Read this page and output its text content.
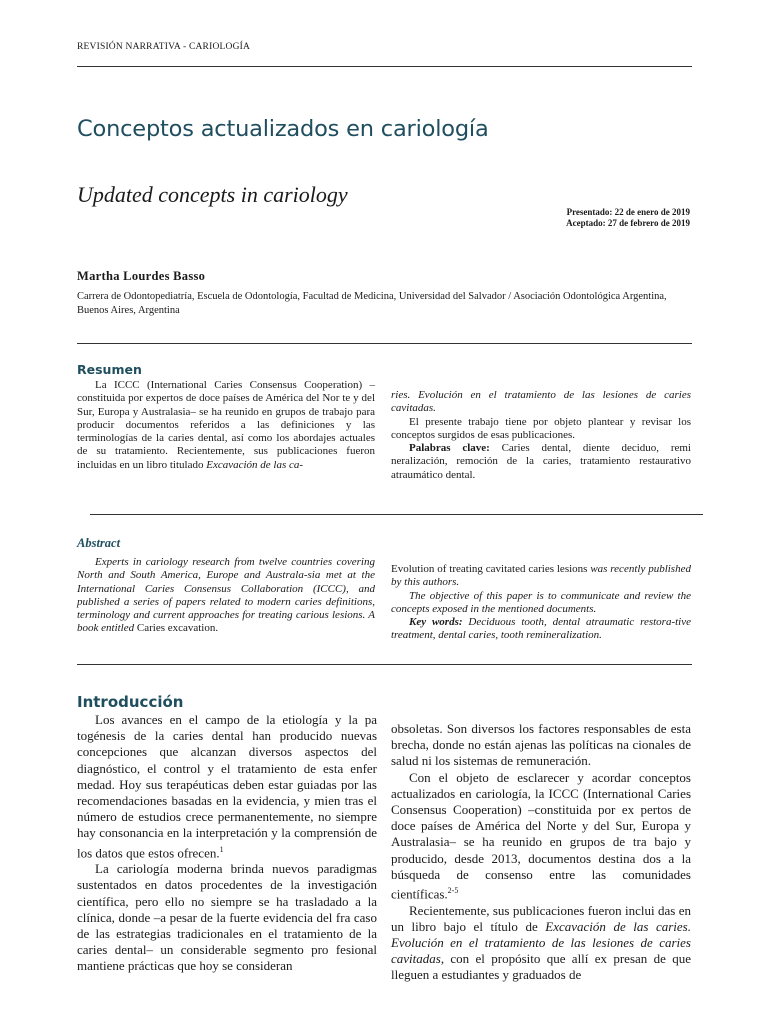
REVISIÓN NARRATIVA - CARIOLOGÍA
Conceptos actualizados en cariología
Updated concepts in cariology
Presentado: 22 de enero de 2019
Aceptado: 27 de febrero de 2019
Martha Lourdes Basso
Carrera de Odontopediatría, Escuela de Odontología, Facultad de Medicina, Universidad del Salvador / Asociación Odontológica Argentina, Buenos Aires, Argentina
Resumen

La ICCC (International Caries Consensus Cooperation) –constituida por expertos de doce países de América del Nor te y del Sur, Europa y Australasia– se ha reunido en grupos de trabajo para producir documentos referidos a las definiciones y las terminologías de la caries dental, así como los abordajes actuales de su tratamiento. Recientemente, sus publicaciones fueron incluidas en un libro titulado Excavación de las ca-

ries. Evolución en el tratamiento de las lesiones de caries cavitadas.

El presente trabajo tiene por objeto plantear y revisar los conceptos surgidos de esas publicaciones.

Palabras clave: Caries dental, diente deciduo, remi neralización, remoción de la caries, tratamiento restaurativo atraumático dental.

Abstract

Experts in cariology research from twelve countries covering North and South America, Europe and Australa-sia met at the International Caries Consensus Collaboration (ICCC), and published a series of papers related to modern caries definitions, terminology and current approaches for treating carious lesions. A book entitled Caries excavation.

Evolution of treating cavitated caries lesions was recently published by this authors.

The objective of this paper is to communicate and review the concepts exposed in the mentioned documents.

Key words: Deciduous tooth, dental atraumatic restora-tive treatment, dental caries, tooth remineralization.

Introducción

Los avances en el campo de la etiología y la pa togénesis de la caries dental han producido nuevas concepciones que alcanzan diversos aspectos del diagnóstico, el control y el tratamiento de esta enfer medad. Hoy sus terapéuticas deben estar guiadas por las recomendaciones basadas en la evidencia, y mien tras el número de estudios crece permanentemente, no siempre hay consonancia en la interpretación y la comprensión de los datos que estos ofrecen.$^1$

La cariología moderna brinda nuevos paradigmas sustentados en datos procedentes de la investigación científica, pero ello no siempre se ha trasladado a la clínica, donde –a pesar de la fuerte evidencia del fra caso de las estrategias tradicionales en el tratamiento de la caries dental– un considerable segmento pro fesional mantiene prácticas que hoy se consideran

obsoletas. Son diversos los factores responsables de esta brecha, donde no están ajenas las políticas na cionales de salud ni los sistemas de remuneración.

Con el objeto de esclarecer y acordar conceptos actualizados en cariología, la ICCC (International Caries Consensus Cooperation) –constituida por ex pertos de doce países de América del Norte y del Sur, Europa y Australasia– se ha reunido en grupos de tra bajo y producido, desde 2013, documentos destina dos a la búsqueda de consenso entre las comunidades científicas.$^{2-5}$

Recientemente, sus publicaciones fueron inclui das en un libro bajo el título de Excavación de las caries. Evolución en el tratamiento de las lesiones de caries cavitadas, con el propósito que allí ex presan de que lleguen a estudiantes y graduados de
